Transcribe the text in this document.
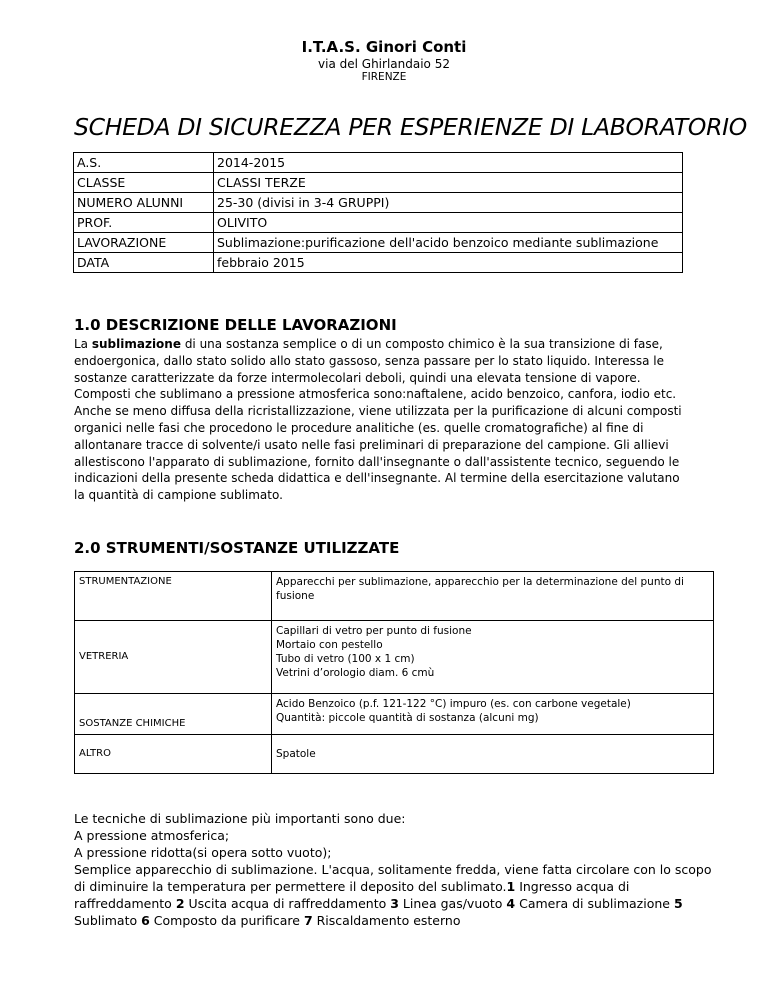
I.T.A.S. Ginori Conti
via del Ghirlandaio 52
FIRENZE
SCHEDA DI SICUREZZA PER ESPERIENZE DI LABORATORIO
A.S.	2014-2015
CLASSE	CLASSI TERZE
NUMERO ALUNNI	25-30 (divisi in 3-4 GRUPPI)
PROF.	OLIVITO
LAVORAZIONE	Sublimazione:purificazione dell'acido benzoico mediante sublimazione
DATA	febbraio 2015
1.0 DESCRIZIONE DELLE LAVORAZIONI
La sublimazione di una sostanza semplice o di un composto chimico è la sua transizione di fase, endoergonica, dallo stato solido allo stato gassoso, senza passare per lo stato liquido. Interessa le sostanze caratterizzate da forze intermolecolari deboli, quindi una elevata tensione di vapore. Composti che sublimano a pressione atmosferica sono:naftalene, acido benzoico, canfora, iodio etc. Anche se meno diffusa della ricristallizzazione, viene utilizzata per la purificazione di alcuni composti organici nelle fasi che procedono le procedure analitiche (es. quelle cromatografiche) al fine di allontanare tracce di solvente/i usato nelle fasi preliminari di preparazione del campione. Gli allievi allestiscono l'apparato di sublimazione, fornito dall'insegnante o dall'assistente tecnico, seguendo le indicazioni della presente scheda didattica e dell'insegnante. Al termine della esercitazione valutano la quantità di campione sublimato.
2.0 STRUMENTI/SOSTANZE UTILIZZATE
STRUMENTAZIONE	Apparecchi per sublimazione, apparecchio per la determinazione del punto di fusione

VETRERIA	Capillari di vetro per punto di fusione
Mortaio con pestello
Tubo di vetro (100 x 1 cm)
Vetrini d’orologio diam. 6 cmù

SOSTANZE CHIMICHE	Acido Benzoico (p.f. 121-122 °C) impuro (es. con carbone vegetale)
Quantità: piccole quantità di sostanza (alcuni mg)

ALTRO	Spatole
Le tecniche di sublimazione più importanti sono due:
A pressione atmosferica;
A pressione ridotta(si opera sotto vuoto);
Semplice apparecchio di sublimazione. L'acqua, solitamente fredda, viene fatta circolare con lo scopo di diminuire la temperatura per permettere il deposito del sublimato.1 Ingresso acqua di raffreddamento 2 Uscita acqua di raffreddamento 3 Linea gas/vuoto 4 Camera di sublimazione 5 Sublimato 6 Composto da purificare 7 Riscaldamento esterno
